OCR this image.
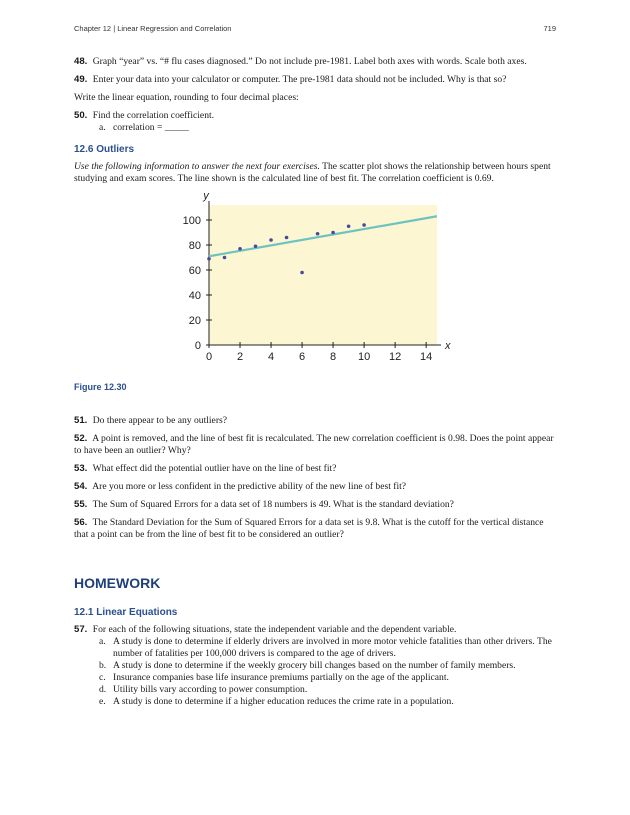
Chapter 12 | Linear Regression and Correlation	719

48. Graph “year” vs. “# flu cases diagnosed.” Do not include pre-1981. Label both axes with words. Scale both axes.

49. Enter your data into your calculator or computer. The pre-1981 data should not be included. Why is that so?

Write the linear equation, rounding to four decimal places:

50. Find the correlation coefficient.

a. correlation = _____

12.6 Outliers

Use the following information to answer the next four exercises. The scatter plot shows the relationship between hours spent studying and exam scores. The line shown is the calculated line of best fit. The correlation coefficient is 0.69.

0 2 4 6 8 10 12 14
0
20
40
60
80
100
x
y
Figure 12.30

51. Do there appear to be any outliers?

52. A point is removed, and the line of best fit is recalculated. The new correlation coefficient is 0.98. Does the point appear to have been an outlier? Why?

53. What effect did the potential outlier have on the line of best fit?

54. Are you more or less confident in the predictive ability of the new line of best fit?

55. The Sum of Squared Errors for a data set of 18 numbers is 49. What is the standard deviation?

56. The Standard Deviation for the Sum of Squared Errors for a data set is 9.8. What is the cutoff for the vertical distance that a point can be from the line of best fit to be considered an outlier?

HOMEWORK
12.1 Linear Equations

57. For each of the following situations, state the independent variable and the dependent variable.

a. A study is done to determine if elderly drivers are involved in more motor vehicle fatalities than other drivers. The number of fatalities per 100,000 drivers is compared to the age of drivers.

b. A study is done to determine if the weekly grocery bill changes based on the number of family members.

c. Insurance companies base life insurance premiums partially on the age of the applicant.

d. Utility bills vary according to power consumption.

e. A study is done to determine if a higher education reduces the crime rate in a population.
